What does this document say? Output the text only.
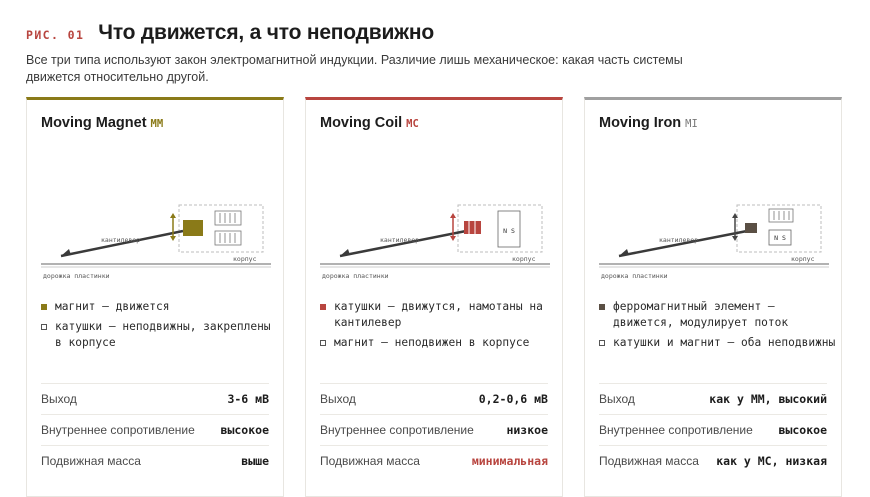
РИС. 01 Что движется, а что неподвижно
Все три типа используют закон электромагнитной индукции. Различие лишь механическое: какая часть системы движется относительно другой.
Moving Magnet MM
корпус
дорожка пластинки
кантилевер
магнит — движется
катушки — неподвижны, закреплены в корпусе
Выход	3-6 мВ
Внутреннее сопротивление высокое
Подвижная масса	выше
Moving Coil MC
корпус
дорожка пластинки
кантилевер
N S
катушки — движутся, намотаны на кантилевер
магнит — неподвижен в корпусе
Выход	0,2-0,6 мВ
Внутреннее сопротивление	низкое
Подвижная масса	минимальная
Moving Iron MI
корпус
дорожка пластинки
кантилевер	N S
ферромагнитный элемент — движется, модулирует поток
катушки и магнит — оба неподвижны
Выход	как у MM, высокий
Внутреннее сопротивление высокое
Подвижная масса как у MC, низкая
